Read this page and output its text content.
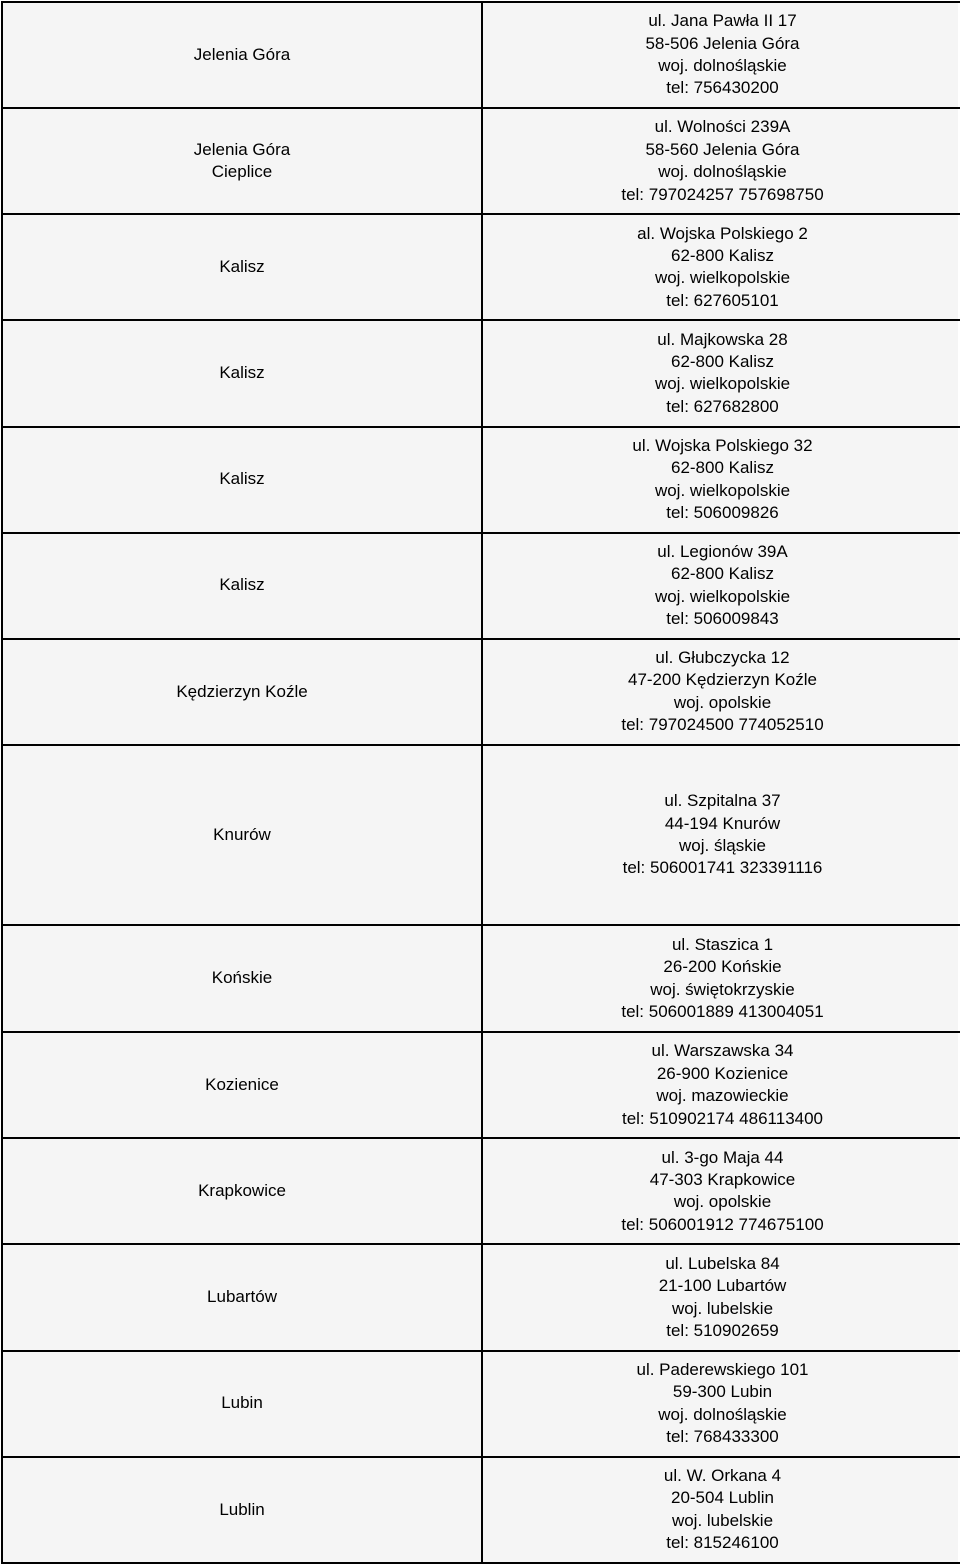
Jelenia Góra	ul. Jana Pawła II 17
58-506 Jelenia Góra
woj. dolnośląskie
tel: 756430200

Jelenia Góra
Cieplice	ul. Wolności 239A
58-560 Jelenia Góra
woj. dolnośląskie
tel: 797024257 757698750

Kalisz	al. Wojska Polskiego 2
62-800 Kalisz
woj. wielkopolskie
tel: 627605101

Kalisz	ul. Majkowska 28
62-800 Kalisz
woj. wielkopolskie
tel: 627682800

Kalisz	ul. Wojska Polskiego 32
62-800 Kalisz
woj. wielkopolskie
tel: 506009826

Kalisz	ul. Legionów 39A
62-800 Kalisz
woj. wielkopolskie
tel: 506009843

Kędzierzyn Koźle	ul. Głubczycka 12
47-200 Kędzierzyn Koźle
woj. opolskie
tel: 797024500 774052510

Knurów	ul. Szpitalna 37
44-194 Knurów
woj. śląskie
tel: 506001741 323391116

Końskie	ul. Staszica 1
26-200 Końskie
woj. świętokrzyskie
tel: 506001889 413004051

Kozienice	ul. Warszawska 34
26-900 Kozienice
woj. mazowieckie
tel: 510902174 486113400

Krapkowice	ul. 3-go Maja 44
47-303 Krapkowice
woj. opolskie
tel: 506001912 774675100

Lubartów	ul. Lubelska 84
21-100 Lubartów
woj. lubelskie
tel: 510902659

Lubin	ul. Paderewskiego 101
59-300 Lubin
woj. dolnośląskie
tel: 768433300

Lublin	ul. W. Orkana 4
20-504 Lublin
woj. lubelskie
tel: 815246100
